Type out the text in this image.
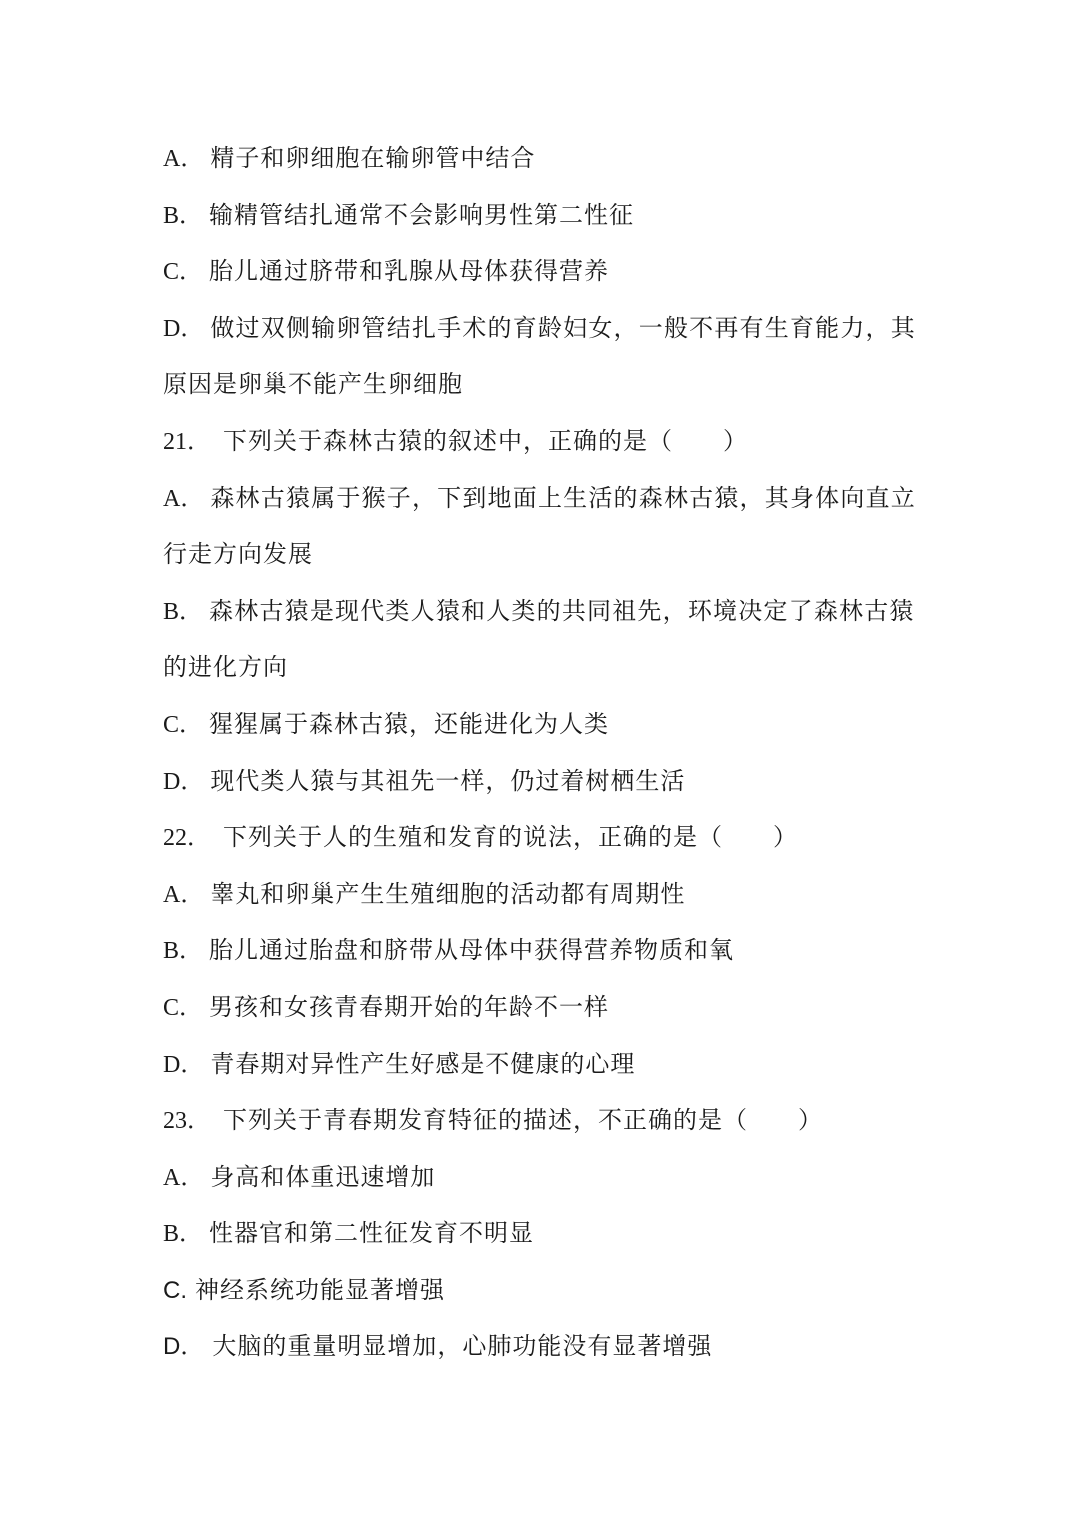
A． 精子和卵细胞在输卵管中结合
B． 输精管结扎通常不会影响男性第二性征
C． 胎儿通过脐带和乳腺从母体获得营养
D． 做过双侧输卵管结扎手术的育龄妇女，一般不再有生育能力，其
原因是卵巢不能产生卵细胞
21． 下列关于森林古猿的叙述中，正确的是（　　）
A． 森林古猿属于猴子，下到地面上生活的森林古猿，其身体向直立
行走方向发展
B． 森林古猿是现代类人猿和人类的共同祖先，环境决定了森林古猿
的进化方向
C． 猩猩属于森林古猿，还能进化为人类
D． 现代类人猿与其祖先一样，仍过着树栖生活
22． 下列关于人的生殖和发育的说法，正确的是（　　）
A． 睾丸和卵巢产生生殖细胞的活动都有周期性
B． 胎儿通过胎盘和脐带从母体中获得营养物质和氧
C． 男孩和女孩青春期开始的年龄不一样
D． 青春期对异性产生好感是不健康的心理
23． 下列关于青春期发育特征的描述，不正确的是（　　）
A． 身高和体重迅速增加
B． 性器官和第二性征发育不明显
C. 神经系统功能显著增强
D． 大脑的重量明显增加，心肺功能没有显著增强
